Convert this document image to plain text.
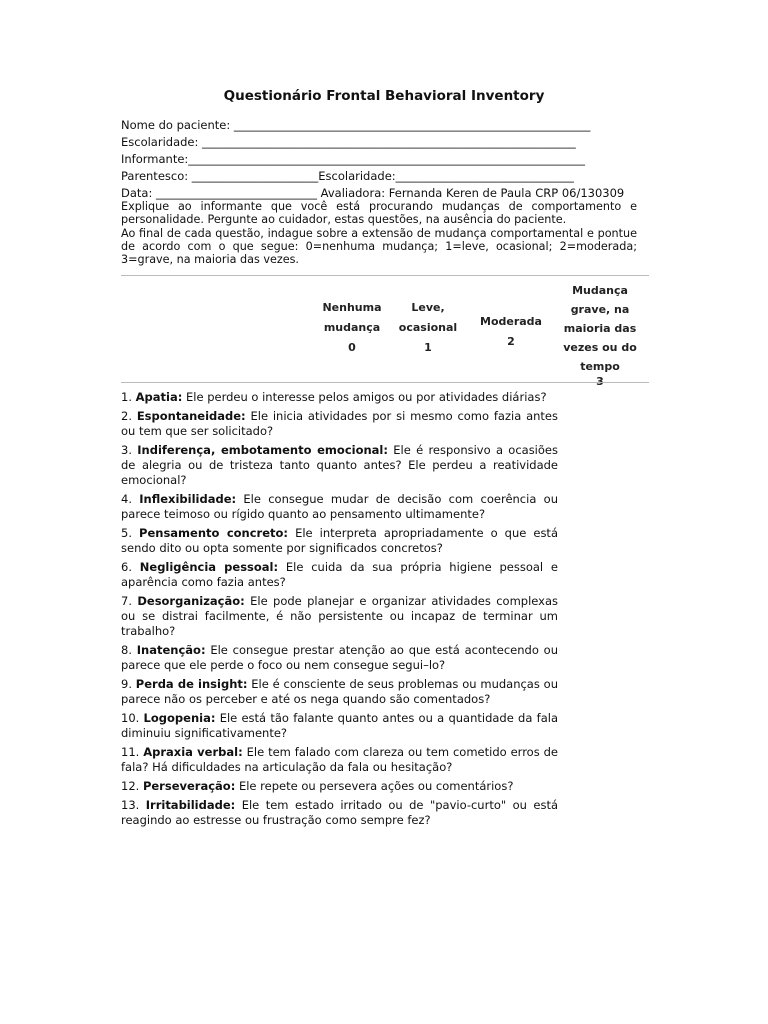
Questionário Frontal Behavioral Inventory
Nome do paciente: ______________________________________________________________
Escolaridade: _________________________________________________________________
Informante:_____________________________________________________________________
Parentesco: ______________________Escolaridade:_______________________________
Data: ____________________________ Avaliadora: Fernanda Keren de Paula CRP 06/130309

Explique ao informante que você está procurando mudanças de comportamento e personalidade. Pergunte ao cuidador, estas questões, na ausência do paciente.

Ao final de cada questão, indague sobre a extensão de mudança comportamental e pontue de acordo com o que segue: 0=nenhuma mudança; 1=leve, ocasional; 2=moderada; 3=grave, na maioria das vezes.

Nenhuma mudança
0
Leve, ocasional
1
Moderada
2
Mudança grave, na maioria das vezes ou do tempo
3

1. Apatia: Ele perdeu o interesse pelos amigos ou por atividades diárias?

2. Espontaneidade: Ele inicia atividades por si mesmo como fazia antes ou tem que ser solicitado?

3. Indiferença, embotamento emocional: Ele é responsivo a ocasiões de alegria ou de tristeza tanto quanto antes? Ele perdeu a reatividade emocional?

4. Inflexibilidade: Ele consegue mudar de decisão com coerência ou parece teimoso ou rígido quanto ao pensamento ultimamente?

5. Pensamento concreto: Ele interpreta apropriadamente o que está sendo dito ou opta somente por significados concretos?

6. Negligência pessoal: Ele cuida da sua própria higiene pessoal e aparência como fazia antes?

7. Desorganização: Ele pode planejar e organizar atividades complexas ou se distrai facilmente, é não persistente ou incapaz de terminar um trabalho?

8. Inatenção: Ele consegue prestar atenção ao que está acontecendo ou parece que ele perde o foco ou nem consegue segui–lo?

9. Perda de insight: Ele é consciente de seus problemas ou mudanças ou parece não os perceber e até os nega quando são comentados?

10. Logopenia: Ele está tão falante quanto antes ou a quantidade da fala diminuiu significativamente?

11. Apraxia verbal: Ele tem falado com clareza ou tem cometido erros de fala? Há dificuldades na articulação da fala ou hesitação?

12. Perseveração: Ele repete ou persevera ações ou comentários?

13. Irritabilidade: Ele tem estado irritado ou de "pavio-curto" ou está reagindo ao estresse ou frustração como sempre fez?
